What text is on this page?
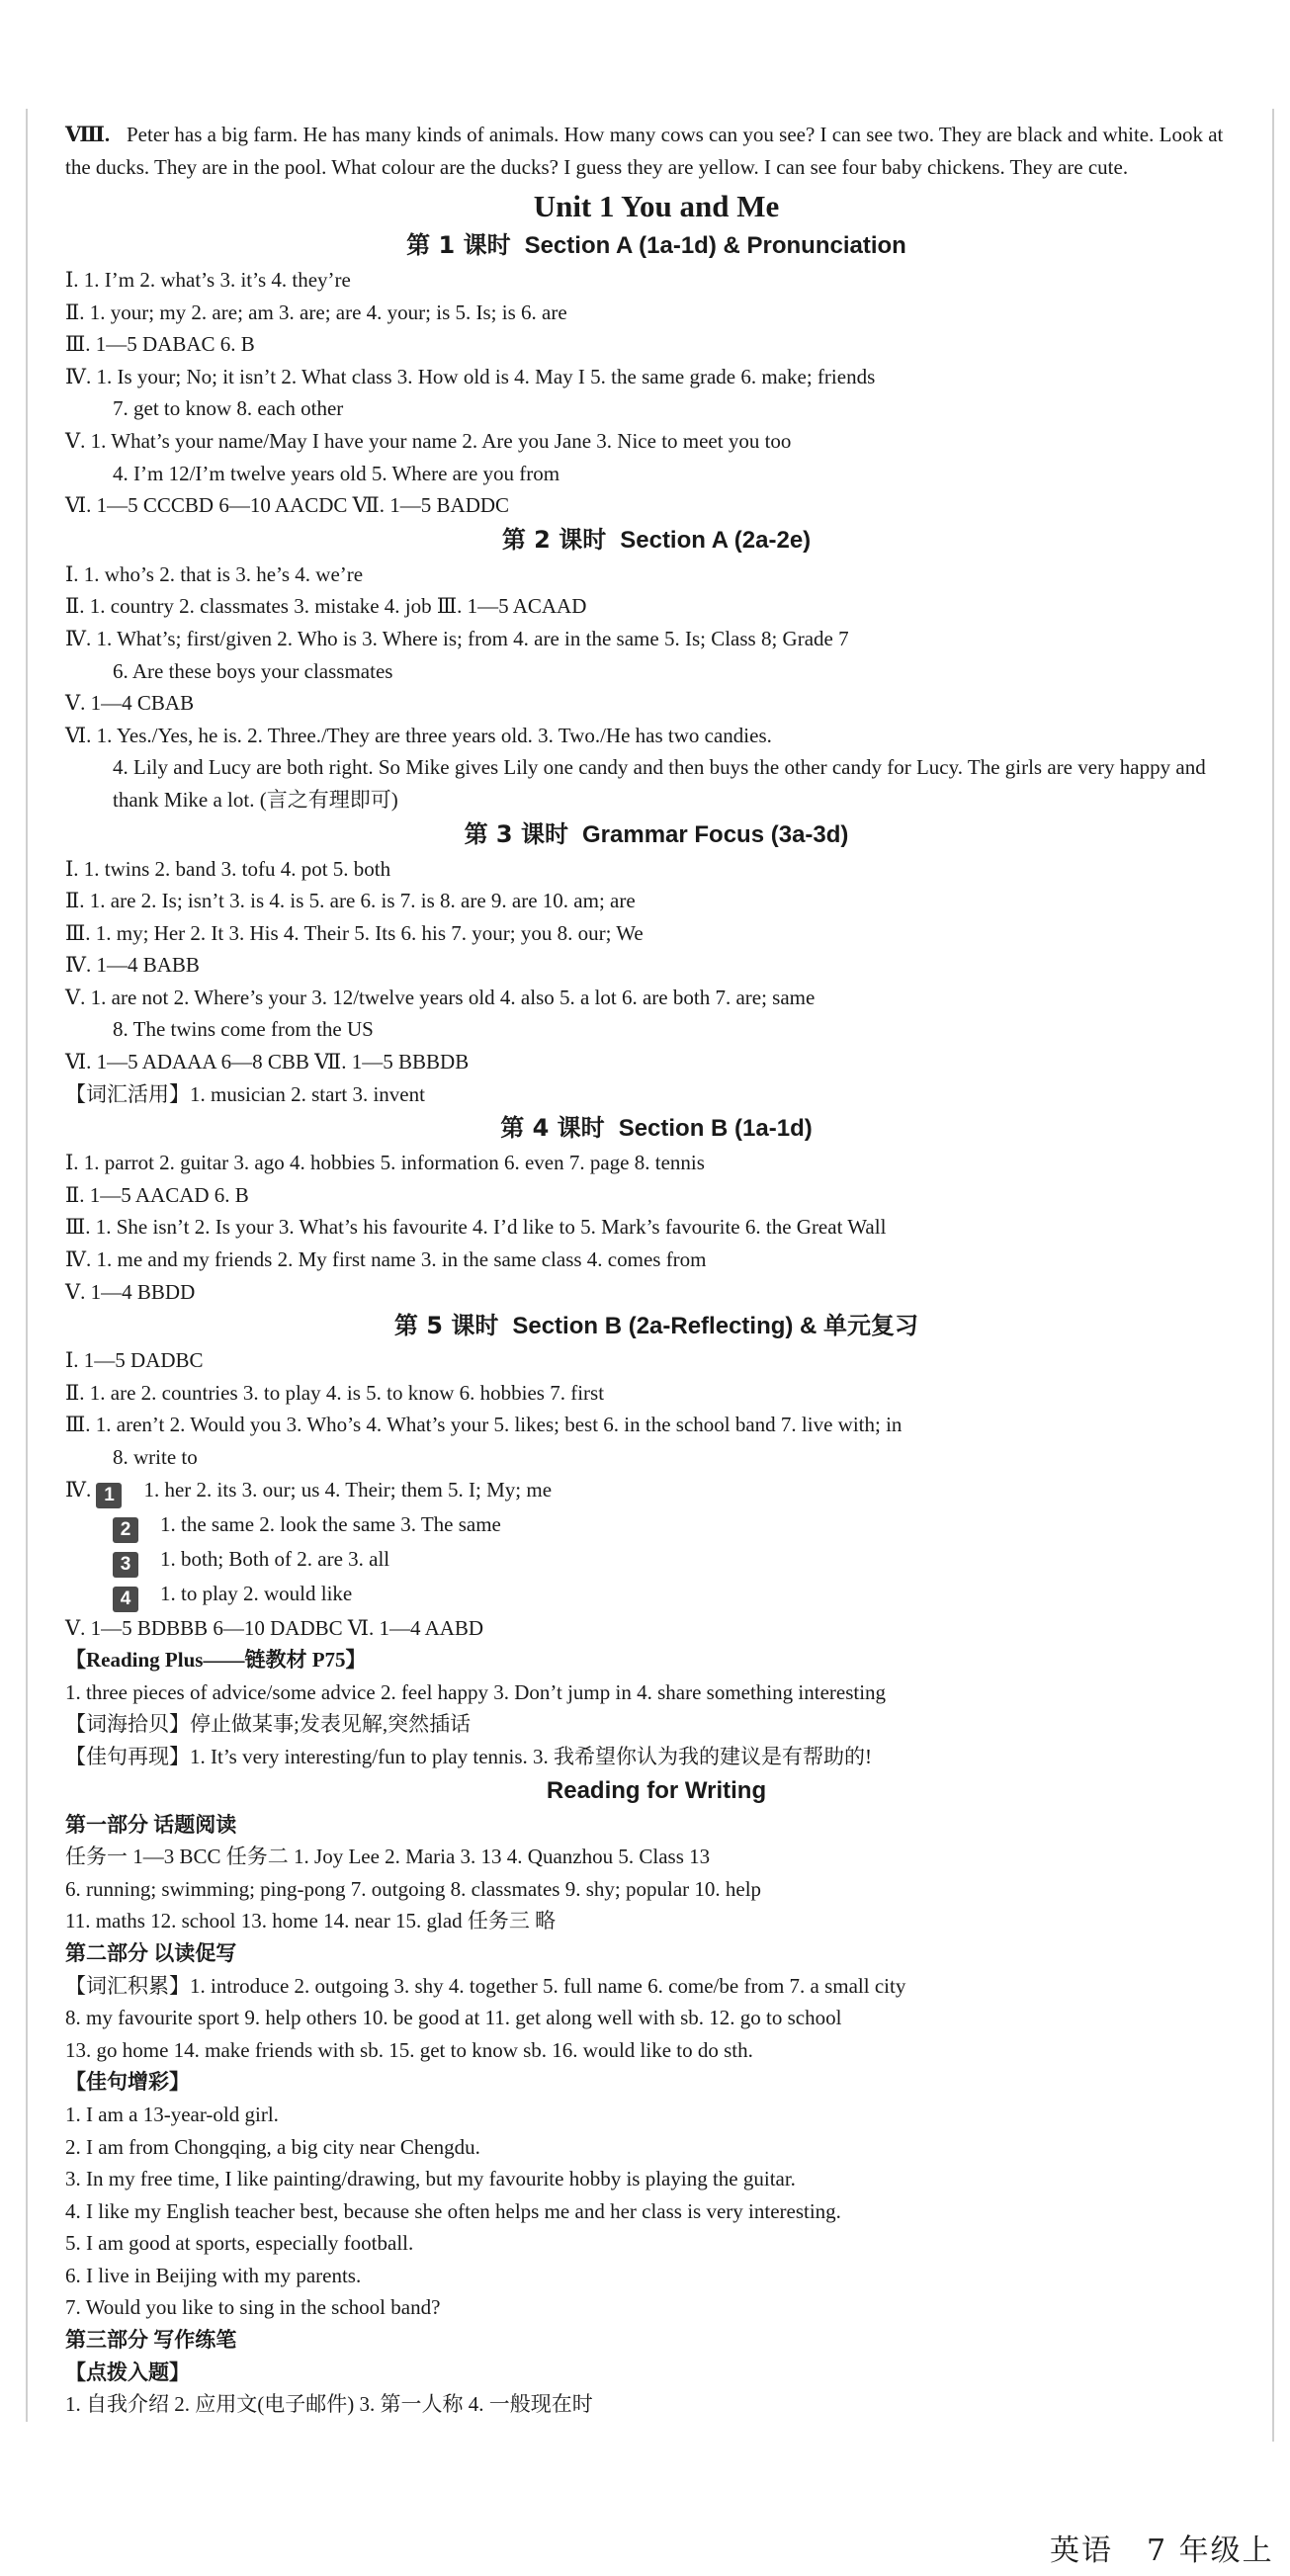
Ⅷ. Peter has a big farm. He has many kinds of animals. How many cows can you see? I can see two. They are black and white. Look at the ducks. They are in the pool. What colour are the ducks? I guess they are yellow. I can see four baby chickens. They are cute.

Unit 1 You and Me
第 1 课时 Section A (1a-1d) & Pronunciation

Ⅰ. 1. I’m 2. what’s 3. it’s 4. they’re

Ⅱ. 1. your; my 2. are; am 3. are; are 4. your; is 5. Is; is 6. are

Ⅲ. 1—5 DABAC 6. B

Ⅳ. 1. Is your; No; it isn’t 2. What class 3. How old is 4. May I 5. the same grade 6. make; friends

7. get to know 8. each other

Ⅴ. 1. What’s your name/May I have your name 2. Are you Jane 3. Nice to meet you too

4. I’m 12/I’m twelve years old 5. Where are you from

Ⅵ. 1—5 CCCBD 6—10 AACDC Ⅶ. 1—5 BADDC

第 2 课时 Section A (2a-2e)

Ⅰ. 1. who’s 2. that is 3. he’s 4. we’re

Ⅱ. 1. country 2. classmates 3. mistake 4. job Ⅲ. 1—5 ACAAD

Ⅳ. 1. What’s; first/given 2. Who is 3. Where is; from 4. are in the same 5. Is; Class 8; Grade 7

6. Are these boys your classmates

Ⅴ. 1—4 CBAB

Ⅵ. 1. Yes./Yes, he is. 2. Three./They are three years old. 3. Two./He has two candies.

4. Lily and Lucy are both right. So Mike gives Lily one candy and then buys the other candy for Lucy. The girls are very happy and thank Mike a lot. (言之有理即可)

第 3 课时 Grammar Focus (3a-3d)

Ⅰ. 1. twins 2. band 3. tofu 4. pot 5. both

Ⅱ. 1. are 2. Is; isn’t 3. is 4. is 5. are 6. is 7. is 8. are 9. are 10. am; are

Ⅲ. 1. my; Her 2. It 3. His 4. Their 5. Its 6. his 7. your; you 8. our; We

Ⅳ. 1—4 BABB

Ⅴ. 1. are not 2. Where’s your 3. 12/twelve years old 4. also 5. a lot 6. are both 7. are; same

8. The twins come from the US

Ⅵ. 1—5 ADAAA 6—8 CBB Ⅶ. 1—5 BBBDB

【词汇活用】1. musician 2. start 3. invent

第 4 课时 Section B (1a-1d)

Ⅰ. 1. parrot 2. guitar 3. ago 4. hobbies 5. information 6. even 7. page 8. tennis

Ⅱ. 1—5 AACAD 6. B

Ⅲ. 1. She isn’t 2. Is your 3. What’s his favourite 4. I’d like to 5. Mark’s favourite 6. the Great Wall

Ⅳ. 1. me and my friends 2. My first name 3. in the same class 4. comes from

Ⅴ. 1—4 BBDD

第 5 课时 Section B (2a-Reflecting) & 单元复习

Ⅰ. 1—5 DADBC

Ⅱ. 1. are 2. countries 3. to play 4. is 5. to know 6. hobbies 7. first

Ⅲ. 1. aren’t 2. Would you 3. Who’s 4. What’s your 5. likes; best 6. in the school band 7. live with; in

8. write to

Ⅳ. 1 1. her 2. its 3. our; us 4. Their; them 5. I; My; me

2 1. the same 2. look the same 3. The same

3 1. both; Both of 2. are 3. all

4 1. to play 2. would like

Ⅴ. 1—5 BDBBB 6—10 DADBC Ⅵ. 1—4 AABD

【Reading Plus——链教材 P75】

1. three pieces of advice/some advice 2. feel happy 3. Don’t jump in 4. share something interesting

【词海拾贝】停止做某事;发表见解,突然插话

【佳句再现】1. It’s very interesting/fun to play tennis. 3. 我希望你认为我的建议是有帮助的!

Reading for Writing

第一部分 话题阅读

任务一 1—3 BCC 任务二 1. Joy Lee 2. Maria 3. 13 4. Quanzhou 5. Class 13

6. running; swimming; ping-pong 7. outgoing 8. classmates 9. shy; popular 10. help

11. maths 12. school 13. home 14. near 15. glad 任务三 略

第二部分 以读促写

【词汇积累】1. introduce 2. outgoing 3. shy 4. together 5. full name 6. come/be from 7. a small city

8. my favourite sport 9. help others 10. be good at 11. get along well with sb. 12. go to school

13. go home 14. make friends with sb. 15. get to know sb. 16. would like to do sth.

【佳句增彩】

1. I am a 13-year-old girl.

2. I am from Chongqing, a big city near Chengdu.

3. In my free time, I like painting/drawing, but my favourite hobby is playing the guitar.

4. I like my English teacher best, because she often helps me and her class is very interesting.

5. I am good at sports, especially football.

6. I live in Beijing with my parents.

7. Would you like to sing in the school band?

第三部分 写作练笔

【点拨入题】

1. 自我介绍 2. 应用文(电子邮件) 3. 第一人称 4. 一般现在时

英语 7 年级上
